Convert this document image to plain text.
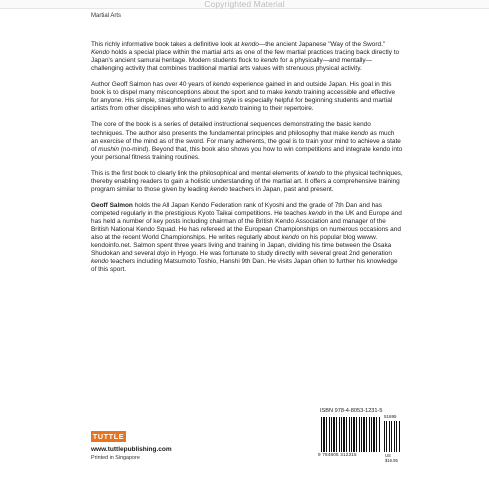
Copyrighted Material
Martial Arts

This richly informative book takes a definitive look at kendo—the ancient Japanese "Way of the Sword." Kendo holds a special place within the martial arts as one of the few martial practices tracing back directly to Japan's ancient samurai heritage. Modern students flock to kendo for a physically—and mentally—challenging activity that combines traditional martial arts values with strenuous physical activity.

Author Geoff Salmon has over 40 years of kendo experience gained in and outside Japan. His goal in this book is to dispel many misconceptions about the sport and to make kendo training accessible and effective for anyone. His simple, straightforward writing style is especially helpful for beginning students and martial artists from other disciplines who wish to add kendo training to their repertoire.

The core of the book is a series of detailed instructional sequences demonstrating the basic kendo techniques. The author also presents the fundamental principles and philosophy that make kendo as much an exercise of the mind as of the sword. For many adherents, the goal is to train your mind to achieve a state of mushin (no-mind). Beyond that, this book also shows you how to win competitions and integrate kendo into your personal fitness training routines.

This is the first book to clearly link the philosophical and mental elements of kendo to the physical techniques, thereby enabling readers to gain a holistic understanding of the martial art. It offers a comprehensive training program similar to those given by leading kendo teachers in Japan, past and present.

Geoff Salmon holds the All Japan Kendo Federation rank of Kyoshi and the grade of 7th Dan and has competed regularly in the prestigious Kyoto Taikai competitions. He teaches kendo in the UK and Europe and has held a number of key posts including chairman of the British Kendo Association and manager of the British National Kendo Squad. He has refereed at the European Championships on numerous occasions and also at the recent World Championships. He writes regularly about kendo on his popular blog wwww. kendoinfo.net. Salmon spent three years living and training in Japan, dividing his time between the Osaka Shudokan and several dojo in Hyogo. He was fortunate to study directly with several great 2nd generation kendo teachers including Matsumoto Toshio, Hanshi 9th Dan. He visits Japan often to further his knowledge of this sport.

TUTTLE
www.tuttlepublishing.com
Printed in Singapore
ISBN 978-4-8053-1231-5
51695
9 784805 312315	US $16.95
